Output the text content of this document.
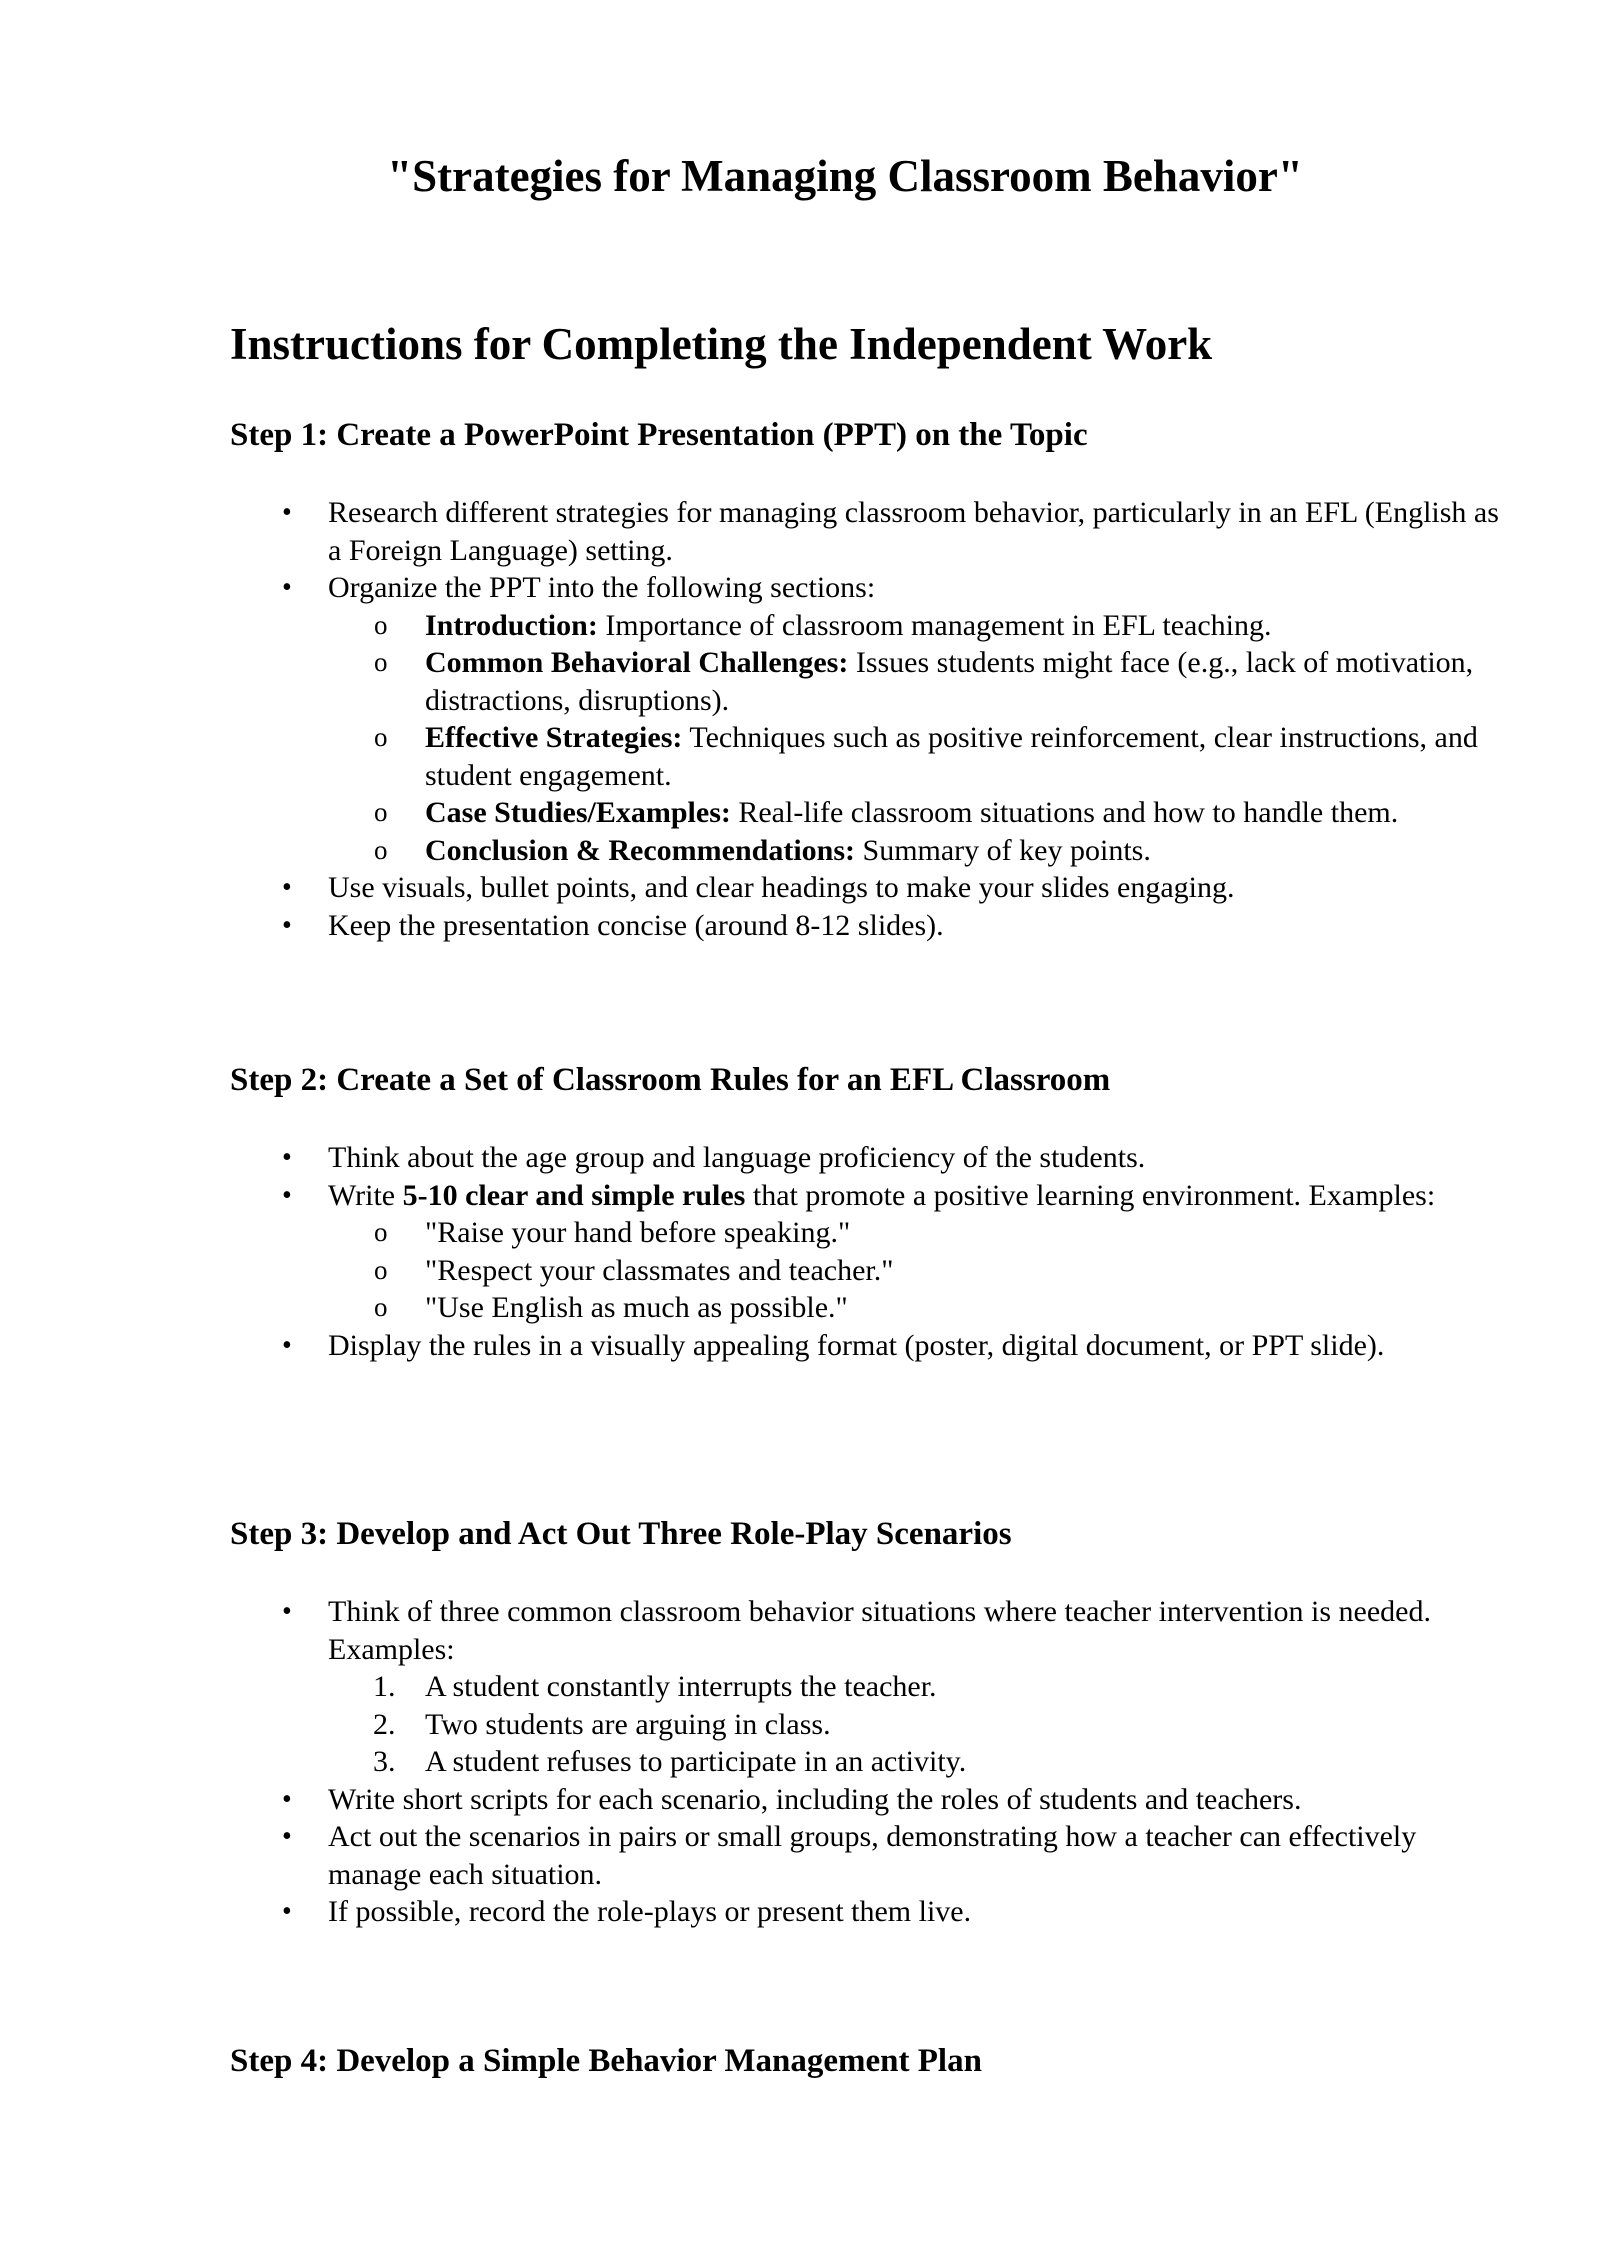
"Strategies for Managing Classroom Behavior"
Instructions for Completing the Independent Work
Step 1: Create a PowerPoint Presentation (PPT) on the Topic
• Research different strategies for managing classroom behavior, particularly in an EFL (English as a Foreign Language) setting.
• Organize the PPT into the following sections:
o Introduction: Importance of classroom management in EFL teaching.
o Common Behavioral Challenges: Issues students might face (e.g., lack of motivation, distractions, disruptions).
o Effective Strategies: Techniques such as positive reinforcement, clear instructions, and student engagement.
o Case Studies/Examples: Real-life classroom situations and how to handle them.
o Conclusion & Recommendations: Summary of key points.
• Use visuals, bullet points, and clear headings to make your slides engaging.
• Keep the presentation concise (around 8-12 slides).
Step 2: Create a Set of Classroom Rules for an EFL Classroom
• Think about the age group and language proficiency of the students.
• Write 5-10 clear and simple rules that promote a positive learning environment. Examples:
o "Raise your hand before speaking."
o "Respect your classmates and teacher."
o "Use English as much as possible."
• Display the rules in a visually appealing format (poster, digital document, or PPT slide).
Step 3: Develop and Act Out Three Role-Play Scenarios
• Think of three common classroom behavior situations where teacher intervention is needed. Examples:
1. A student constantly interrupts the teacher.
2. Two students are arguing in class.
3. A student refuses to participate in an activity.
• Write short scripts for each scenario, including the roles of students and teachers.
• Act out the scenarios in pairs or small groups, demonstrating how a teacher can effectively manage each situation.
• If possible, record the role-plays or present them live.
Step 4: Develop a Simple Behavior Management Plan
